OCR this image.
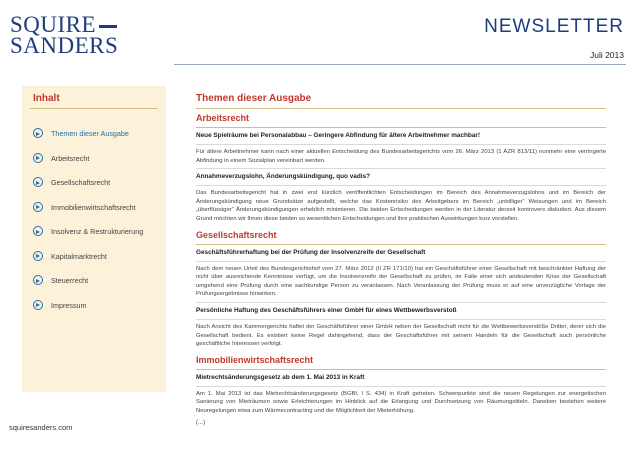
SQUIRE
SANDERS
NEWSLETTER
Juli 2013
Inhalt
Themen dieser Ausgabe
Arbeitsrecht
Gesellschaftsrecht
Immobilienwirtschaftsrecht
Insolvenz & Restrukturierung
Kapitalmarktrecht
Steuerrecht
Impressum
squiresanders.com
Themen dieser Ausgabe
Arbeitsrecht
Neue Spielräume bei Personalabbau – Geringere Abfindung für ältere Arbeitnehmer machbar!
Für ältere Arbeitnehmer kann nach einer aktuellen Entscheidung des Bundesarbeitsgerichts vom 26. März 2013 (1 AZR 813/11) nunmehr eine verringerte Abfindung in einem Sozialplan vereinbart werden.
Annahmeverzugslohn, Änderungskündigung, quo vadis?
Das Bundesarbeitsgericht hat in zwei erst kürzlich veröffentlichten Entscheidungen im Bereich des Annahmeverzugslohns und im Bereich der Änderungskündigung neue Grundsätze aufgestellt, welche das Kostenrisiko des Arbeitgebers im Bereich „unbilliger“ Weisungen und im Bereich „überflüssiger“ Änderungskündigungen erheblich minimieren. Die beiden Entscheidungen werden in der Literatur derzeit kontrovers diskutiert. Aus diesem Grund möchten wir Ihnen diese beiden so wesentlichen Entscheidungen und ihre praktischen Auswirkungen kurz vorstellen.
Gesellschaftsrecht
Geschäftsführerhaftung bei der Prüfung der Insolvenzreife der Gesellschaft
Nach dem neuen Urteil des Bundesgerichtshof vom 27. März 2012 (II ZR 171/10) hat ein Geschäftsführer einer Gesellschaft mit beschränkter Haftung der nicht über ausreichende Kenntnisse verfügt, um die Insolvenzreife der Gesellschaft zu prüfen, im Falle einer sich andeutenden Krise der Gesellschaft umgehend eine Prüfung durch eine sachkundige Person zu veranlassen. Nach Veranlassung der Prüfung muss er auf eine unverzügliche Vorlage der Prüfungsergebnisse hinwirken.
Persönliche Haftung des Geschäftsführers einer GmbH für eines Wettbewerbsverstoß
Nach Ansicht des Kammergerichts haftet der Geschäftsführer einer GmbH neben der Gesellschaft nicht für die Wettbewerbsverstöße Dritter, derer sich die Gesellschaft bedient. Es existiert keine Regel dahingehend, dass der Geschäftsführer mit seinem Handeln für die Gesellschaft auch persönliche geschäftliche Interessen verfolgt.
Immobilienwirtschaftsrecht
Mietrechtsänderungsgesetz ab dem 1. Mai 2013 in Kraft
Am 1. Mai 2013 ist das Mietrechtsänderungsgesetz (BGBl. I S. 434) in Kraft getreten. Schwerpunkte sind die neuen Regelungen zur energetischen Sanierung von Mieträumen sowie Erleichterungen im Hinblick auf die Erlangung und Durchsetzung von Räumungstiteln. Daneben bestehen weitere Neuregelungen etwa zum Wärmecontracting und der Möglichkeit der Mieterhöhung.
(...)
